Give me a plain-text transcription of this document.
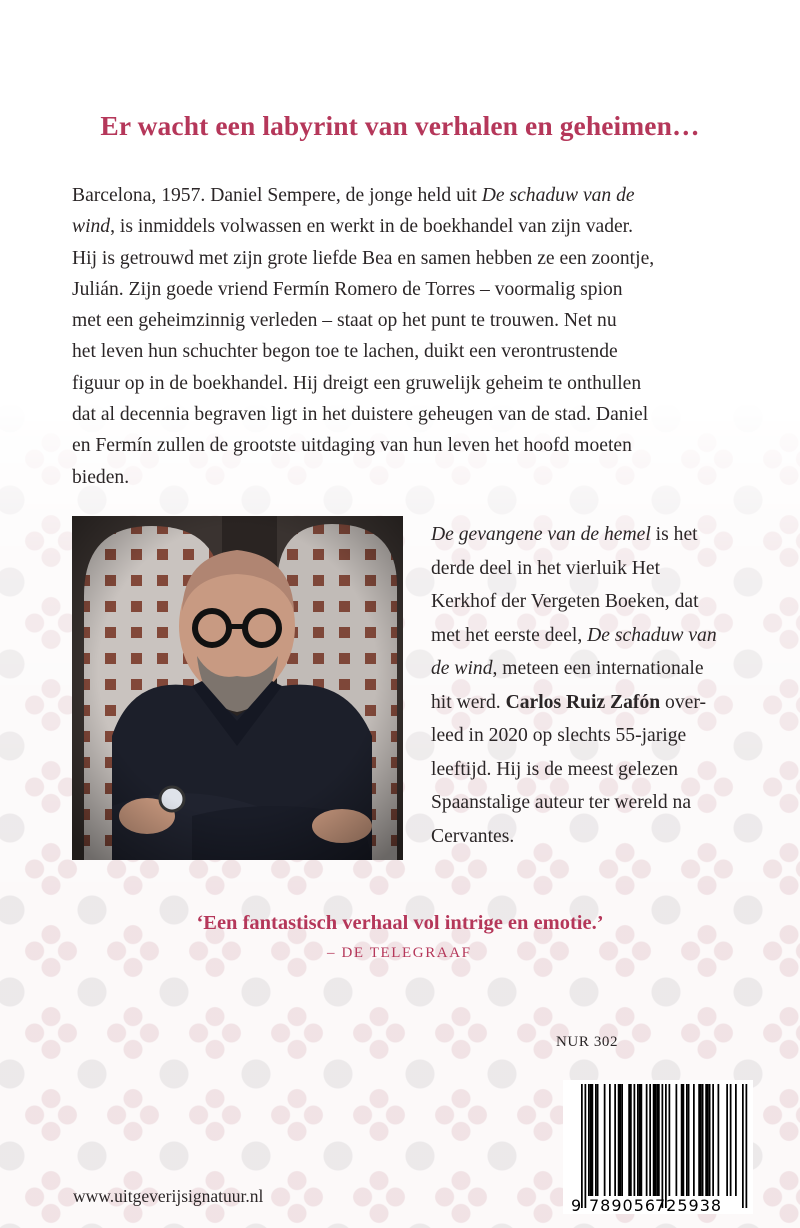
Er wacht een labyrint van verhalen en geheimen…
Barcelona, 1957. Daniel Sempere, de jonge held uit De schaduw van de
wind, is inmiddels volwassen en werkt in de boekhandel van zijn vader.
Hij is getrouwd met zijn grote liefde Bea en samen hebben ze een zoontje,
Julián. Zijn goede vriend Fermín Romero de Torres – voormalig spion
met een geheimzinnig verleden – staat op het punt te trouwen. Net nu
het leven hun schuchter begon toe te lachen, duikt een verontrustende
figuur op in de boekhandel. Hij dreigt een gruwelijk geheim te onthullen
dat al decennia begraven ligt in het duistere geheugen van de stad. Daniel
en Fermín zullen de grootste uitdaging van hun leven het hoofd moeten
bieden.
De gevangene van de hemel is het
derde deel in het vierluik Het
Kerkhof der Vergeten Boeken, dat
met het eerste deel, De schaduw van
de wind, meteen een internationale
hit werd. Carlos Ruiz Zafón over-
leed in 2020 op slechts 55-jarige
leeftijd. Hij is de meest gelezen
Spaanstalige auteur ter wereld na
Cervantes.
‘Een fantastisch verhaal vol intrige en emotie.’
– DE TELEGRAAF
NUR 302
9 789056
725938
www.uitgeverijsignatuur.nl
